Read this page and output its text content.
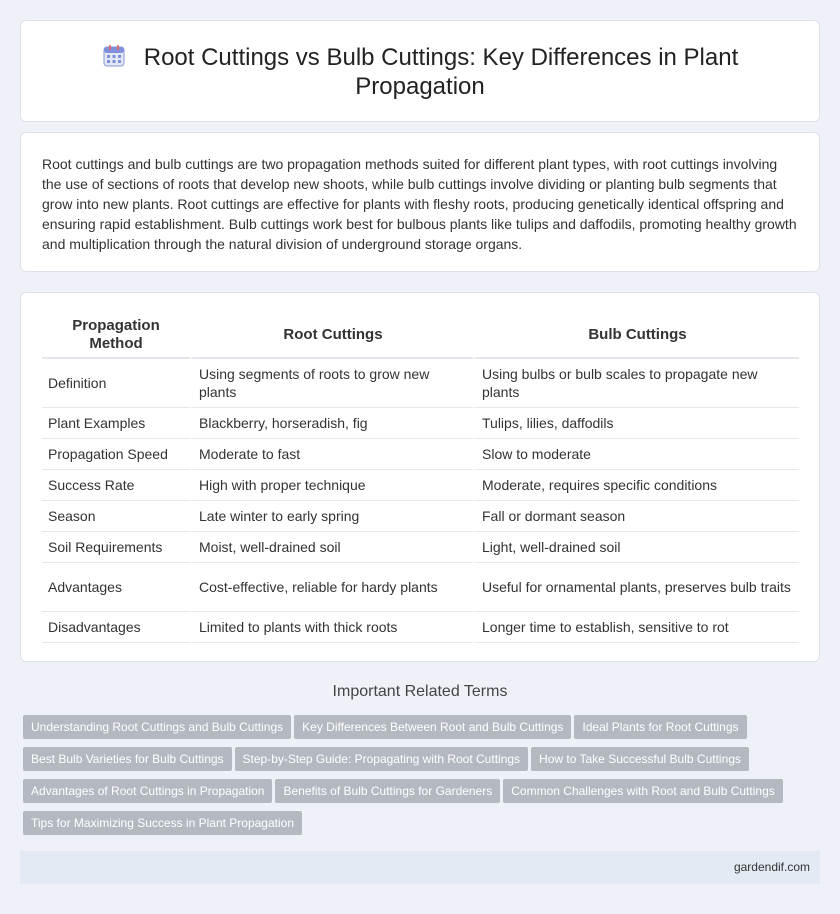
Root Cuttings vs Bulb Cuttings: Key Differences in Plant Propagation

Root cuttings and bulb cuttings are two propagation methods suited for different plant types, with root cuttings involving the use of sections of roots that develop new shoots, while bulb cuttings involve dividing or planting bulb segments that grow into new plants. Root cuttings are effective for plants with fleshy roots, producing genetically identical offspring and ensuring rapid establishment. Bulb cuttings work best for bulbous plants like tulips and daffodils, promoting healthy growth and multiplication through the natural division of underground storage organs.

Propagation Method	Root Cuttings	Bulb Cuttings
Definition	Using segments of roots to grow new plants	Using bulbs or bulb scales to propagate new plants
Plant Examples	Blackberry, horseradish, fig	Tulips, lilies, daffodils
Propagation Speed	Moderate to fast	Slow to moderate
Success Rate	High with proper technique	Moderate, requires specific conditions
Season	Late winter to early spring	Fall or dormant season
Soil Requirements	Moist, well-drained soil	Light, well-drained soil
Advantages	Cost-effective, reliable for hardy plants	Useful for ornamental plants, preserves bulb traits
Disadvantages	Limited to plants with thick roots	Longer time to establish, sensitive to rot
Important Related Terms
Understanding Root Cuttings and Bulb Cuttings Key Differences Between Root and Bulb Cuttings Ideal Plants for Root Cuttings
Best Bulb Varieties for Bulb Cuttings Step-by-Step Guide: Propagating with Root Cuttings How to Take Successful Bulb Cuttings
Advantages of Root Cuttings in Propagation Benefits of Bulb Cuttings for Gardeners Common Challenges with Root and Bulb Cuttings
Tips for Maximizing Success in Plant Propagation
gardendif.com
